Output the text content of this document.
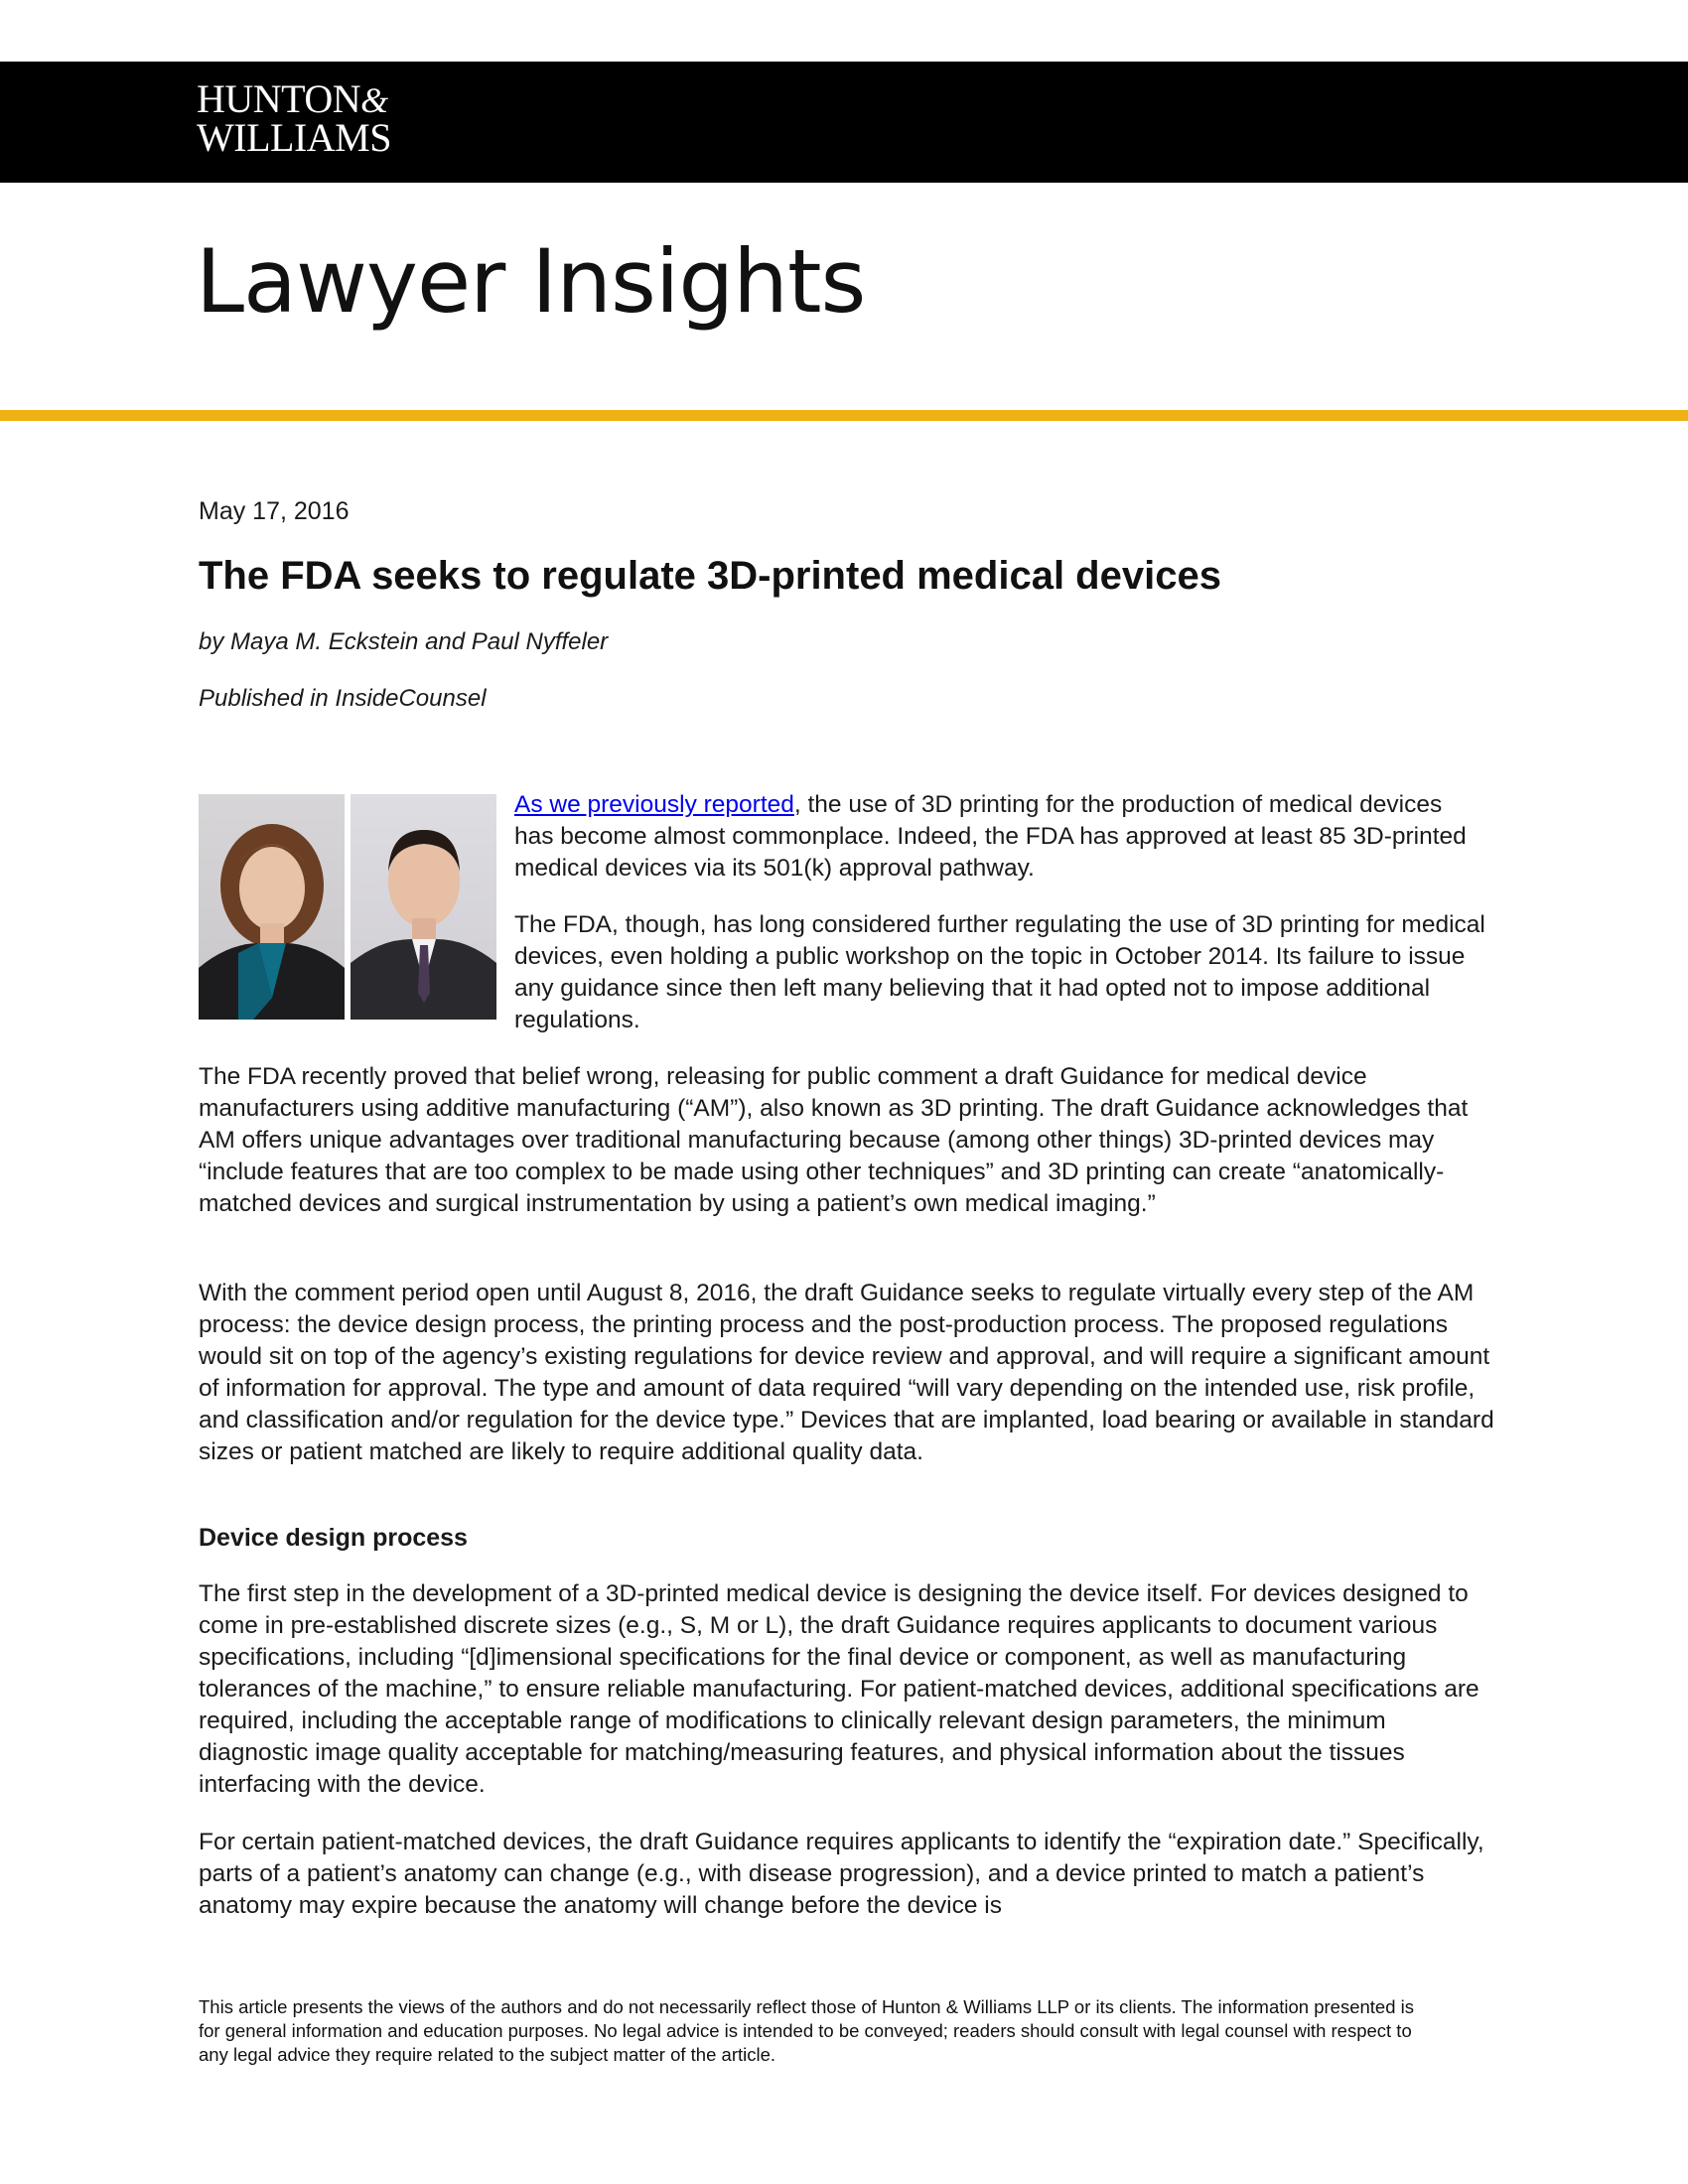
HUNTON&
WILLIAMS
Lawyer Insights
May 17, 2016
The FDA seeks to regulate 3D-printed medical devices
by Maya M. Eckstein and Paul Nyffeler
Published in InsideCounsel

As we previously reported, the use of 3D printing for the production of medical devices has become almost commonplace. Indeed, the FDA has approved at least 85 3D-printed medical devices via its 501(k) approval pathway.

The FDA, though, has long considered further regulating the use of 3D printing for medical devices, even holding a public workshop on the topic in October 2014. Its failure to issue any guidance since then left many believing that it had opted not to impose additional regulations.

The FDA recently proved that belief wrong, releasing for public comment a draft Guidance for medical device manufacturers using additive manufacturing (“AM”), also known as 3D printing. The draft Guidance acknowledges that AM offers unique advantages over traditional manufacturing because (among other things) 3D-printed devices may “include features that are too complex to be made using other techniques” and 3D printing can create “anatomically-matched devices and surgical instrumentation by using a patient’s own medical imaging.”

With the comment period open until August 8, 2016, the draft Guidance seeks to regulate virtually every step of the AM process: the device design process, the printing process and the post-production process. The proposed regulations would sit on top of the agency’s existing regulations for device review and approval, and will require a significant amount of information for approval. The type and amount of data required “will vary depending on the intended use, risk profile, and classification and/or regulation for the device type.” Devices that are implanted, load bearing or available in standard sizes or patient matched are likely to require additional quality data.

Device design process

The first step in the development of a 3D-printed medical device is designing the device itself. For devices designed to come in pre-established discrete sizes (e.g., S, M or L), the draft Guidance requires applicants to document various specifications, including “[d]imensional specifications for the final device or component, as well as manufacturing tolerances of the machine,” to ensure reliable manufacturing. For patient-matched devices, additional specifications are required, including the acceptable range of modifications to clinically relevant design parameters, the minimum diagnostic image quality acceptable for matching/measuring features, and physical information about the tissues interfacing with the device.

For certain patient-matched devices, the draft Guidance requires applicants to identify the “expiration date.” Specifically, parts of a patient’s anatomy can change (e.g., with disease progression), and a device printed to match a patient’s anatomy may expire because the anatomy will change before the device is

This article presents the views of the authors and do not necessarily reflect those of Hunton & Williams LLP or its clients. The information presented is for general information and education purposes. No legal advice is intended to be conveyed; readers should consult with legal counsel with respect to any legal advice they require related to the subject matter of the article.
